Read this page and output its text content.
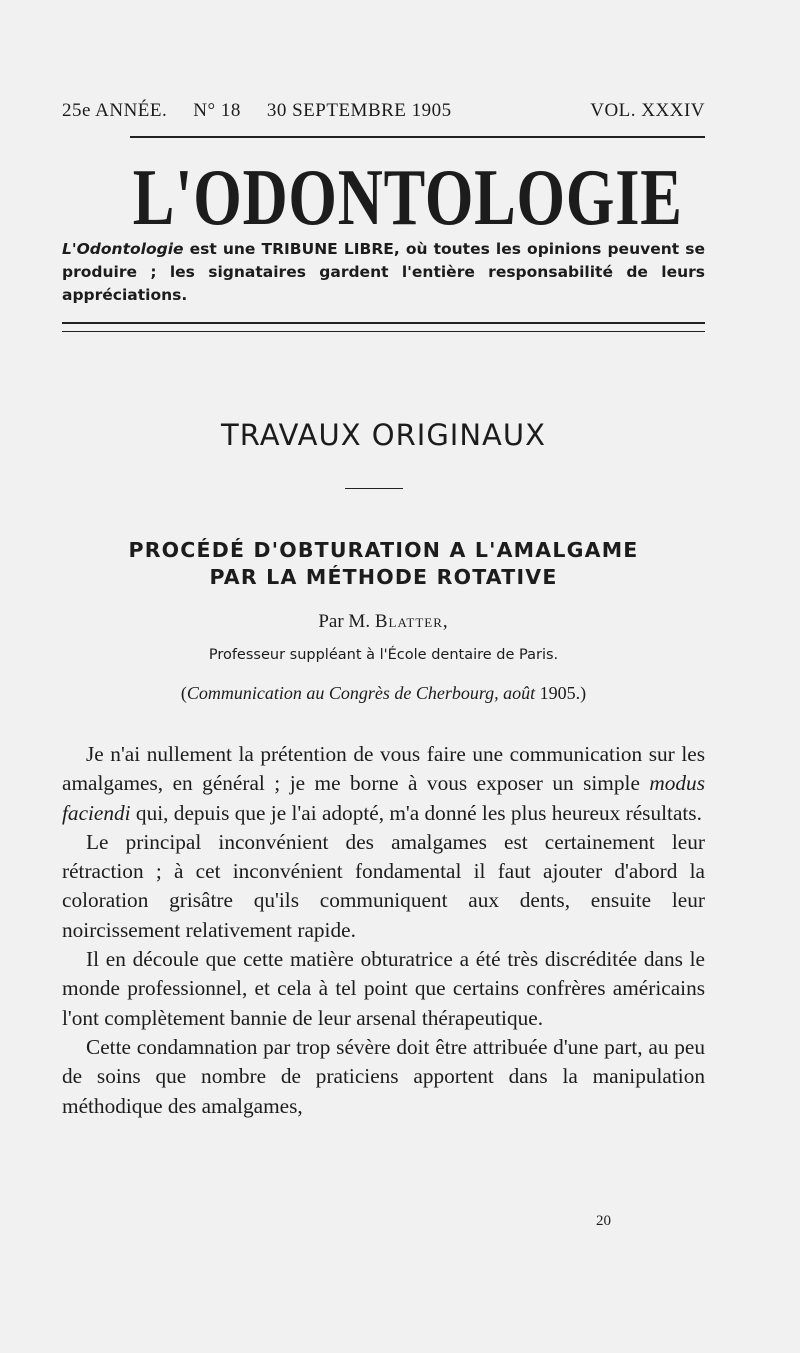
25e ANNÉE. N° 18 30 SEPTEMBRE 1905	VOL. XXXIV
L'ODONTOLOGIE
L'Odontologie est une TRIBUNE LIBRE, où toutes les opinions peuvent se produire ; les signataires gardent l'entière responsabilité de leurs appréciations.
TRAVAUX ORIGINAUX
PROCÉDÉ D'OBTURATION A L'AMALGAME
PAR LA MÉTHODE ROTATIVE
Par M. Blatter,
Professeur suppléant à l'École dentaire de Paris.
(Communication au Congrès de Cherbourg, août 1905.)

Je n'ai nullement la prétention de vous faire une communication sur les amalgames, en général ; je me borne à vous exposer un simple modus faciendi qui, depuis que je l'ai adopté, m'a donné les plus heureux résultats.

Le principal inconvénient des amalgames est certainement leur rétraction ; à cet inconvénient fondamental il faut ajouter d'abord la coloration grisâtre qu'ils communiquent aux dents, ensuite leur noircissement relativement rapide.

Il en découle que cette matière obturatrice a été très discréditée dans le monde professionnel, et cela à tel point que certains confrères américains l'ont complètement bannie de leur arsenal thérapeutique.

Cette condamnation par trop sévère doit être attribuée d'une part, au peu de soins que nombre de praticiens apportent dans la manipulation méthodique des amalgames,

20
